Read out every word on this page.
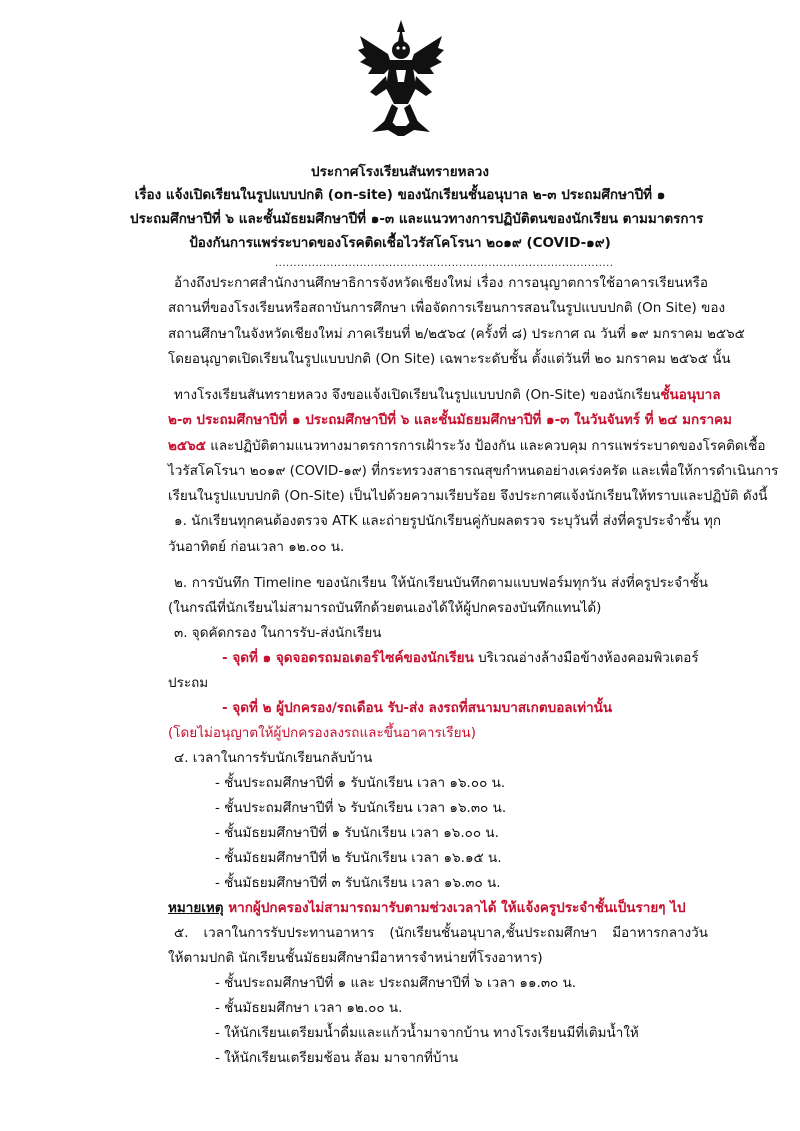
ประกาศโรงเรียนสันทรายหลวง
เรื่อง แจ้งเปิดเรียนในรูปแบบปกติ (on-site) ของนักเรียนชั้นอนุบาล ๒-๓ ประถมศึกษาปีที่ ๑
ประถมศึกษาปีที่ ๖ และชั้นมัธยมศึกษาปีที่ ๑-๓ และแนวทางการปฏิบัติตนของนักเรียน ตามมาตรการ
ป้องกันการแพร่ระบาดของโรคติดเชื้อไวรัสโคโรนา ๒๐๑๙ (COVID-๑๙)
............................................................................................
อ้างถึงประกาศสำนักงานศึกษาธิการจังหวัดเชียงใหม่ เรื่อง การอนุญาตการใช้อาคารเรียนหรือ
สถานที่ของโรงเรียนหรือสถาบันการศึกษา เพื่อจัดการเรียนการสอนในรูปแบบปกติ (On Site) ของ
สถานศึกษาในจังหวัดเชียงใหม่ ภาคเรียนที่ ๒/๒๕๖๔ (ครั้งที่ ๘) ประกาศ ณ วันที่ ๑๙ มกราคม ๒๕๖๕
โดยอนุญาตเปิดเรียนในรูปแบบปกติ (On Site) เฉพาะระดับชั้น ตั้งแต่วันที่ ๒๐ มกราคม ๒๕๖๕ นั้น
ทางโรงเรียนสันทรายหลวง จึงขอแจ้งเปิดเรียนในรูปแบบปกติ (On-Site) ของนักเรียนชั้นอนุบาล
๒-๓ ประถมศึกษาปีที่ ๑ ประถมศึกษาปีที่ ๖ และชั้นมัธยมศึกษาปีที่ ๑-๓ ในวันจันทร์ ที่ ๒๔ มกราคม
๒๕๖๕ และปฏิบัติตามแนวทางมาตรการการเฝ้าระวัง ป้องกัน และควบคุม การแพร่ระบาดของโรคติดเชื้อ
ไวรัสโคโรนา ๒๐๑๙ (COVID-๑๙) ที่กระทรวงสาธารณสุขกำหนดอย่างเคร่งครัด และเพื่อให้การดำเนินการ
เรียนในรูปแบบปกติ (On-Site) เป็นไปด้วยความเรียบร้อย จึงประกาศแจ้งนักเรียนให้ทราบและปฏิบัติ ดังนี้
๑. นักเรียนทุกคนต้องตรวจ ATK และถ่ายรูปนักเรียนคู่กับผลตรวจ ระบุวันที่ ส่งที่ครูประจำชั้น ทุก
วันอาทิตย์ ก่อนเวลา ๑๒.๐๐ น.
๒. การบันทึก Timeline ของนักเรียน ให้นักเรียนบันทึกตามแบบฟอร์มทุกวัน ส่งที่ครูประจำชั้น
(ในกรณีที่นักเรียนไม่สามารถบันทึกด้วยตนเองได้ให้ผู้ปกครองบันทึกแทนได้)
๓. จุดคัดกรอง ในการรับ-ส่งนักเรียน
- จุดที่ ๑ จุดจอดรถมอเตอร์ไซค์ของนักเรียน บริเวณอ่างล้างมือข้างห้องคอมพิวเตอร์
ประถม
- จุดที่ ๒ ผู้ปกครอง/รถเดือน รับ-ส่ง ลงรถที่สนามบาสเกตบอลเท่านั้น
(โดยไม่อนุญาตให้ผู้ปกครองลงรถและขึ้นอาคารเรียน)
๔. เวลาในการรับนักเรียนกลับบ้าน
- ชั้นประถมศึกษาปีที่ ๑ รับนักเรียน เวลา ๑๖.๐๐ น.
- ชั้นประถมศึกษาปีที่ ๖ รับนักเรียน เวลา ๑๖.๓๐ น.
- ชั้นมัธยมศึกษาปีที่ ๑ รับนักเรียน เวลา ๑๖.๐๐ น.
- ชั้นมัธยมศึกษาปีที่ ๒ รับนักเรียน เวลา ๑๖.๑๕ น.
- ชั้นมัธยมศึกษาปีที่ ๓ รับนักเรียน เวลา ๑๖.๓๐ น.
หมายเหตุ หากผู้ปกครองไม่สามารถมารับตามช่วงเวลาได้ ให้แจ้งครูประจำชั้นเป็นรายๆ ไป
๕. เวลาในการรับประทานอาหาร (นักเรียนชั้นอนุบาล,ชั้นประถมศึกษา มีอาหารกลางวัน
ให้ตามปกติ นักเรียนชั้นมัธยมศึกษามีอาหารจำหน่ายที่โรงอาหาร)
- ชั้นประถมศึกษาปีที่ ๑ และ ประถมศึกษาปีที่ ๖ เวลา ๑๑.๓๐ น.
- ชั้นมัธยมศึกษา เวลา ๑๒.๐๐ น.
- ให้นักเรียนเตรียมน้ำดื่มและแก้วน้ำมาจากบ้าน ทางโรงเรียนมีที่เติมน้ำให้
- ให้นักเรียนเตรียมช้อน ส้อม มาจากที่บ้าน
